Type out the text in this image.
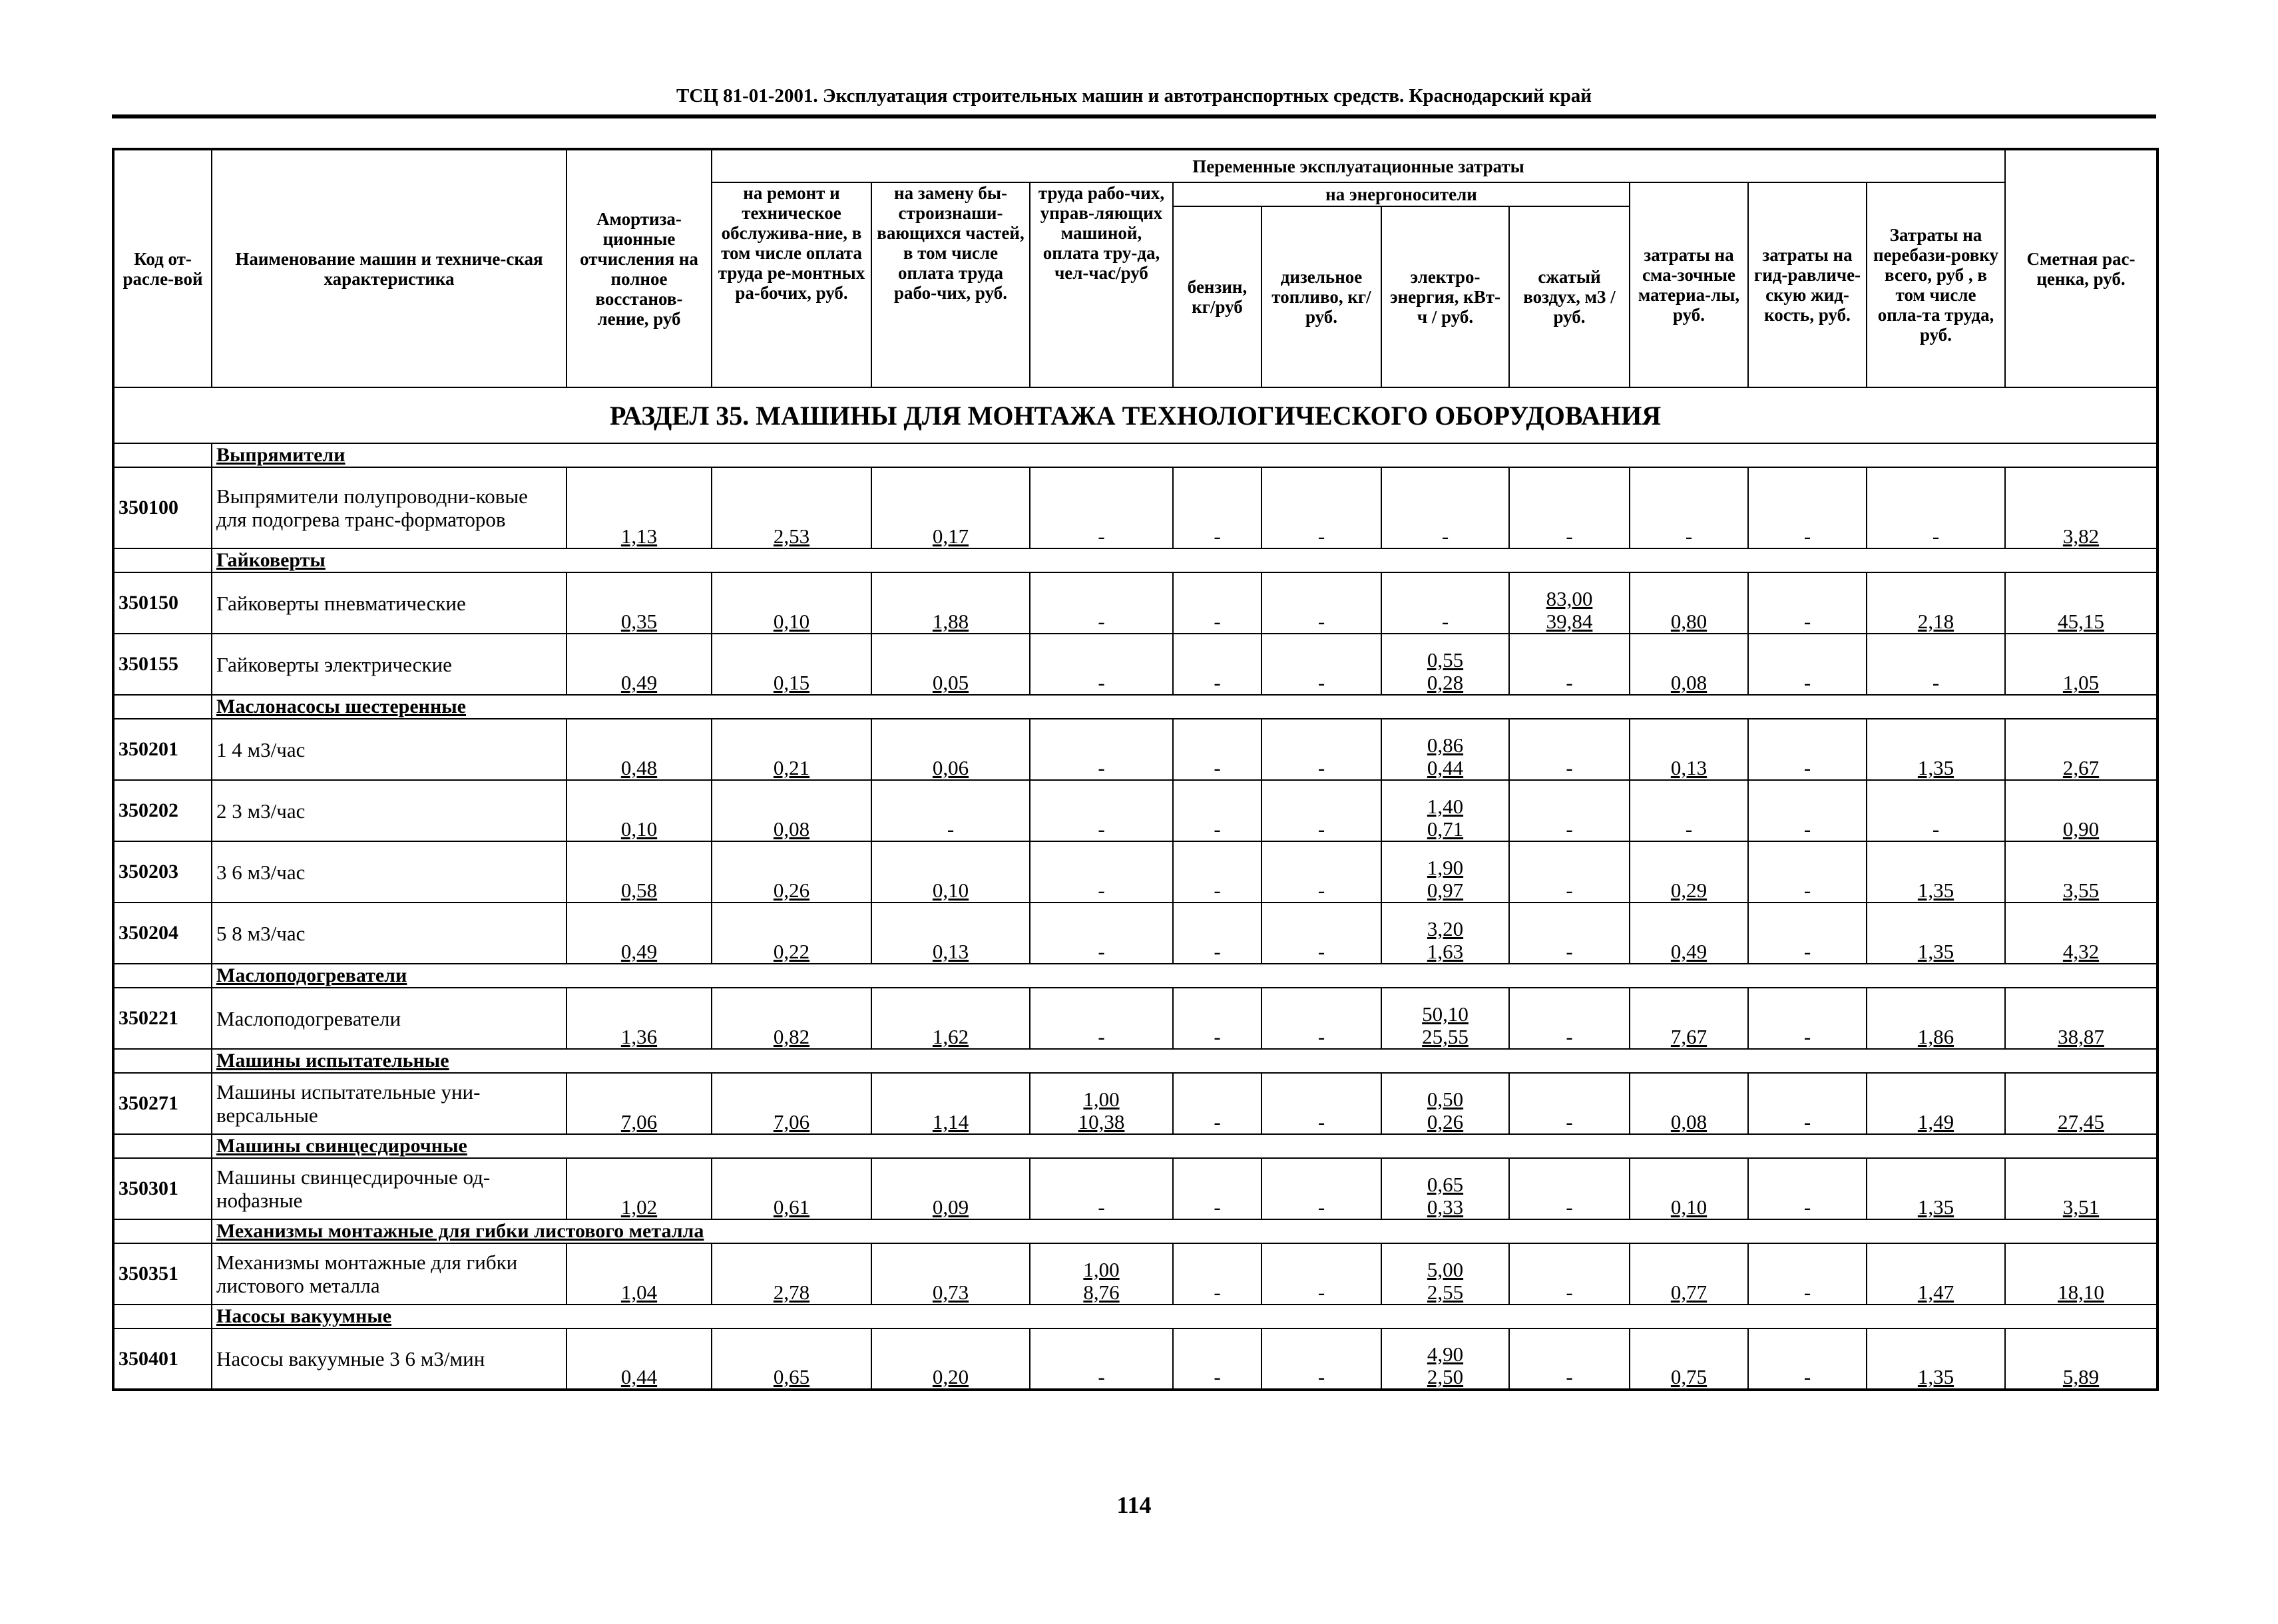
ТСЦ 81-01-2001. Эксплуатация строительных машин и автотранспортных средств. Краснодарский край
Код от-расле-вой	Наименование машин и техниче-ская характеристика	Амортиза-ционные отчисления на полное восстанов-ление, руб	Переменные эксплуатационные затраты										Сметная рас-ценка, руб.
			на ремонт и техническое обслужива-ние, в том числе оплата труда ре-монтных ра-бочих, руб.	на замену бы-строизнаши-вающихся частей, в том числе оплата труда рабо-чих, руб.	труда рабо-чих, управ-ляющих машиной, оплата тру-да, чел-час/руб	на энергоносители				затраты на сма-зочные материа-лы, руб.	затраты на гид-равличе-скую жид-кость, руб.	Затраты на перебази-ровку всего, руб , в том числе опла-та труда, руб.	
						бензин, кг/руб	дизельное топливо, кг/руб.	электро-энергия, кВт-ч / руб.	сжатый воздух, м3 / руб.				
РАЗДЕЛ 35. МАШИНЫ ДЛЯ МОНТАЖА ТЕХНОЛОГИЧЕСКОГО ОБОРУДОВАНИЯ													
	Выпрямители												
350100	Выпрямители полупроводни-ковые для подогрева транс-форматоров	1,13	2,53	0,17	-	-	-	-	-	-	-	-	3,82
	Гайковерты												
350150	Гайковерты пневматические	0,35	0,10	1,88	-	-	-	-	$\frac{83,00}{39,84}$	0,80	-	2,18	45,15
350155	Гайковерты электрические	0,49	0,15	0,05	-	-	-	$\frac{0,55}{0,28}$	-	0,08	-	-	1,05
	Маслонасосы шестеренные												
350201	1 4 м3/час	0,48	0,21	0,06	-	-	-	$\frac{0,86}{0,44}$	-	0,13	-	1,35	2,67
350202	2 3 м3/час	0,10	0,08	-	-	-	-	$\frac{1,40}{0,71}$	-	-	-	-	0,90
350203	3 6 м3/час	0,58	0,26	0,10	-	-	-	$\frac{1,90}{0,97}$	-	0,29	-	1,35	3,55
350204	5 8 м3/час	0,49	0,22	0,13	-	-	-	$\frac{3,20}{1,63}$	-	0,49	-	1,35	4,32
	Маслоподогреватели												
350221	Маслоподогреватели	1,36	0,82	1,62	-	-	-	$\frac{50,10}{25,55}$	-	7,67	-	1,86	38,87
	Машины испытательные												
350271	Машины испытательные уни-версальные	7,06	7,06	1,14	$\frac{1,00}{10,38}$	-	-	$\frac{0,50}{0,26}$	-	0,08	-	1,49	27,45
	Машины свинцесдирочные												
350301	Машины свинцесдирочные од-нофазные	1,02	0,61	0,09	-	-	-	$\frac{0,65}{0,33}$	-	0,10	-	1,35	3,51
	Механизмы монтажные для гибки листового металла												
350351	Механизмы монтажные для гибки листового металла	1,04	2,78	0,73	$\frac{1,00}{8,76}$	-	-	$\frac{5,00}{2,55}$	-	0,77	-	1,47	18,10
	Насосы вакуумные												
350401	Насосы вакуумные 3 6 м3/мин	0,44	0,65	0,20	-	-	-	$\frac{4,90}{2,50}$	-	0,75	-	1,35	5,89
114
